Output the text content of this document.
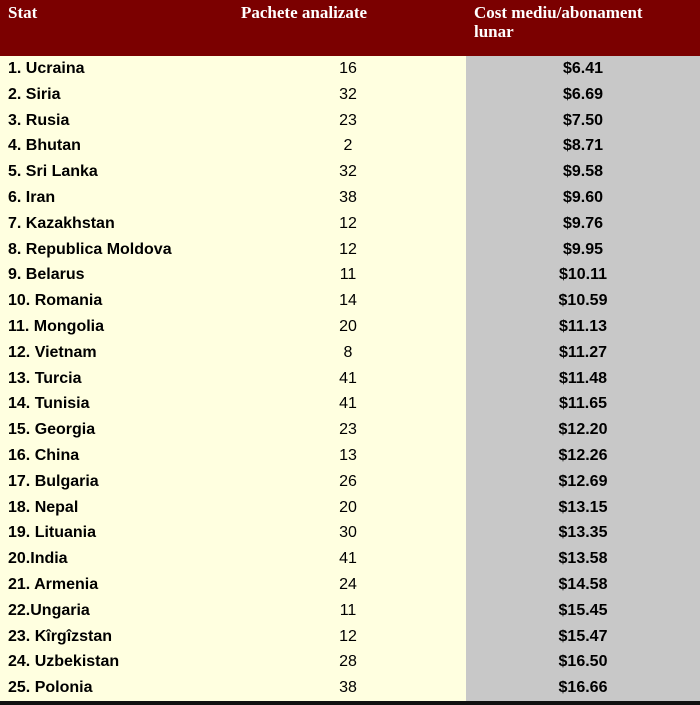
Stat	Pachete analizate	Cost mediu/abonament
lunar
1. Ucraina	16	$6.41
2. Siria	32	$6.69
3. Rusia	23	$7.50
4. Bhutan	2	$8.71
5. Sri Lanka	32	$9.58
6. Iran	38	$9.60
7. Kazakhstan	12	$9.76
8. Republica Moldova	12	$9.95
9. Belarus	11	$10.11
10. Romania	14	$10.59
11. Mongolia	20	$11.13
12. Vietnam	8	$11.27
13. Turcia	41	$11.48
14. Tunisia	41	$11.65
15. Georgia	23	$12.20
16. China	13	$12.26
17. Bulgaria	26	$12.69
18. Nepal	20	$13.15
19. Lituania	30	$13.35
20.India	41	$13.58
21. Armenia	24	$14.58
22.Ungaria	11	$15.45
23. Kîrgîzstan	12	$15.47
24. Uzbekistan	28	$16.50
25. Polonia	38	$16.66
